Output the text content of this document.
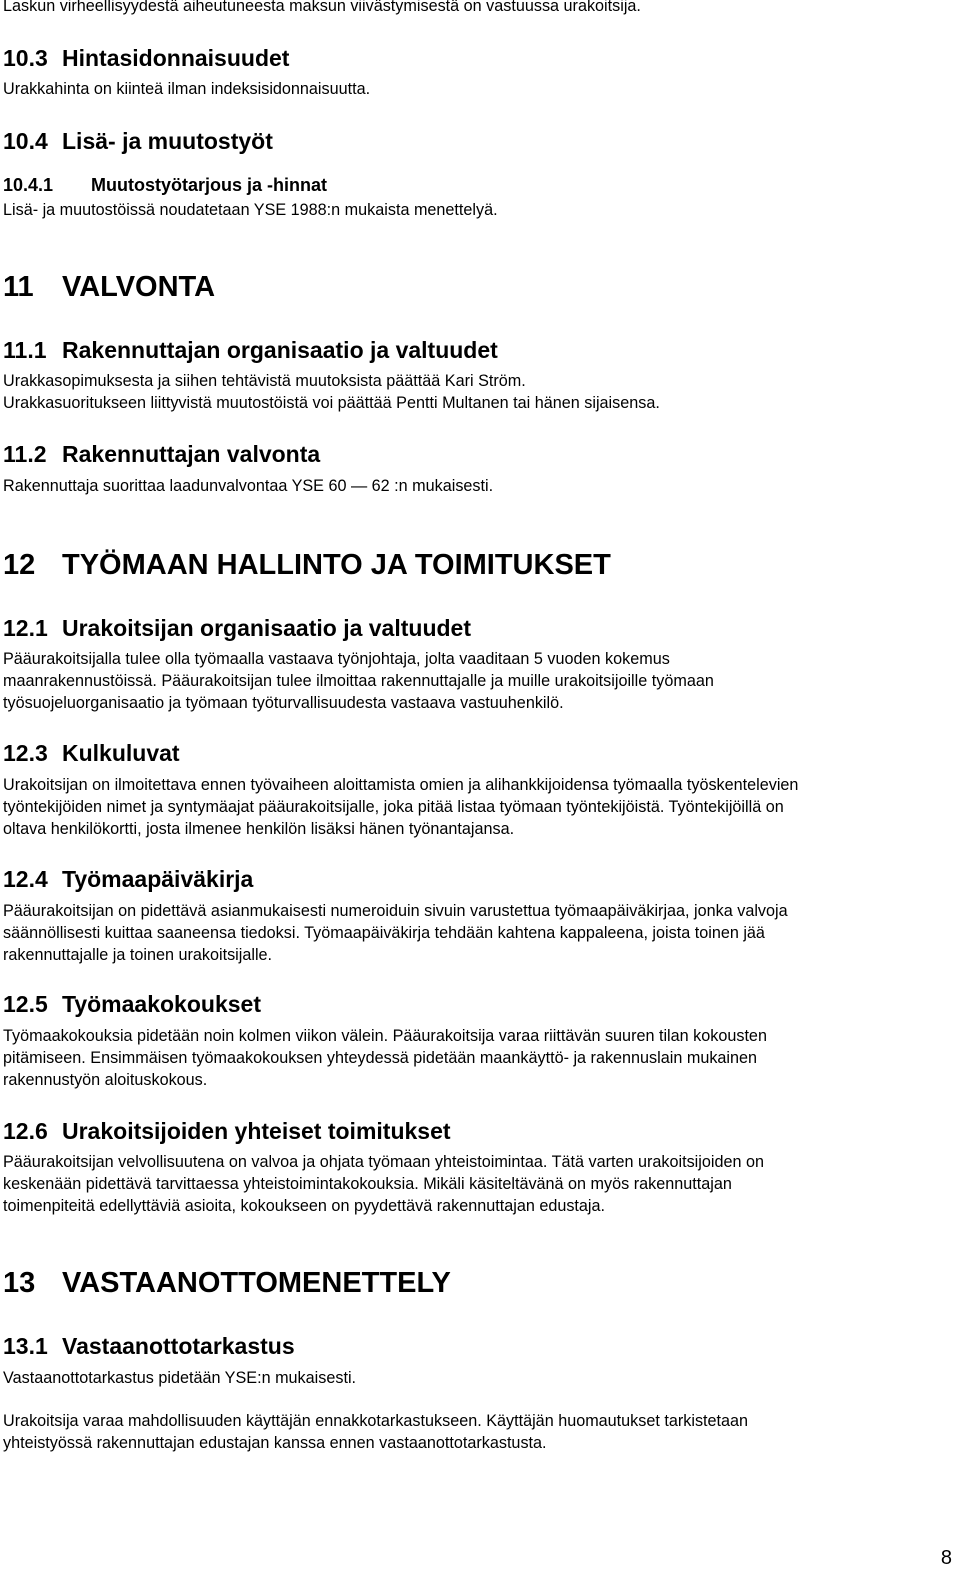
Laskun virheellisyydestä aiheutuneesta maksun viivästymisestä on vastuussa urakoitsija.
10.3 Hintasidonnaisuudet
Urakkahinta on kiinteä ilman indeksisidonnaisuutta.
10.4 Lisä- ja muutostyöt
10.4.1 Muutostyötarjous ja -hinnat
Lisä- ja muutostöissä noudatetaan YSE 1988:n mukaista menettelyä.
11 VALVONTA
11.1 Rakennuttajan organisaatio ja valtuudet
Urakkasopimuksesta ja siihen tehtävistä muutoksista päättää Kari Ström.
Urakkasuoritukseen liittyvistä muutostöistä voi päättää Pentti Multanen tai hänen sijaisensa.
11.2 Rakennuttajan valvonta
Rakennuttaja suorittaa laadunvalvontaa YSE 60 — 62 :n mukaisesti.
12 TYÖMAAN HALLINTO JA TOIMITUKSET
12.1 Urakoitsijan organisaatio ja valtuudet
Pääurakoitsijalla tulee olla työmaalla vastaava työnjohtaja, jolta vaaditaan 5 vuoden kokemus
maanrakennustöissä. Pääurakoitsijan tulee ilmoittaa rakennuttajalle ja muille urakoitsijoille työmaan
työsuojeluorganisaatio ja työmaan työturvallisuudesta vastaava vastuuhenkilö.
12.3 Kulkuluvat
Urakoitsijan on ilmoitettava ennen työvaiheen aloittamista omien ja alihankkijoidensa työmaalla työskentelevien
työntekijöiden nimet ja syntymäajat pääurakoitsijalle, joka pitää listaa työmaan työntekijöistä. Työntekijöillä on
oltava henkilökortti, josta ilmenee henkilön lisäksi hänen työnantajansa.
12.4 Työmaapäiväkirja
Pääurakoitsijan on pidettävä asianmukaisesti numeroiduin sivuin varustettua työmaapäiväkirjaa, jonka valvoja
säännöllisesti kuittaa saaneensa tiedoksi. Työmaapäiväkirja tehdään kahtena kappaleena, joista toinen jää
rakennuttajalle ja toinen urakoitsijalle.
12.5 Työmaakokoukset
Työmaakokouksia pidetään noin kolmen viikon välein. Pääurakoitsija varaa riittävän suuren tilan kokousten
pitämiseen. Ensimmäisen työmaakokouksen yhteydessä pidetään maankäyttö- ja rakennuslain mukainen
rakennustyön aloituskokous.
12.6 Urakoitsijoiden yhteiset toimitukset
Pääurakoitsijan velvollisuutena on valvoa ja ohjata työmaan yhteistoimintaa. Tätä varten urakoitsijoiden on
keskenään pidettävä tarvittaessa yhteistoimintakokouksia. Mikäli käsiteltävänä on myös rakennuttajan
toimenpiteitä edellyttäviä asioita, kokoukseen on pyydettävä rakennuttajan edustaja.
13 VASTAANOTTOMENETTELY
13.1 Vastaanottotarkastus
Vastaanottotarkastus pidetään YSE:n mukaisesti.
Urakoitsija varaa mahdollisuuden käyttäjän ennakkotarkastukseen. Käyttäjän huomautukset tarkistetaan
yhteistyössä rakennuttajan edustajan kanssa ennen vastaanottotarkastusta.
8
